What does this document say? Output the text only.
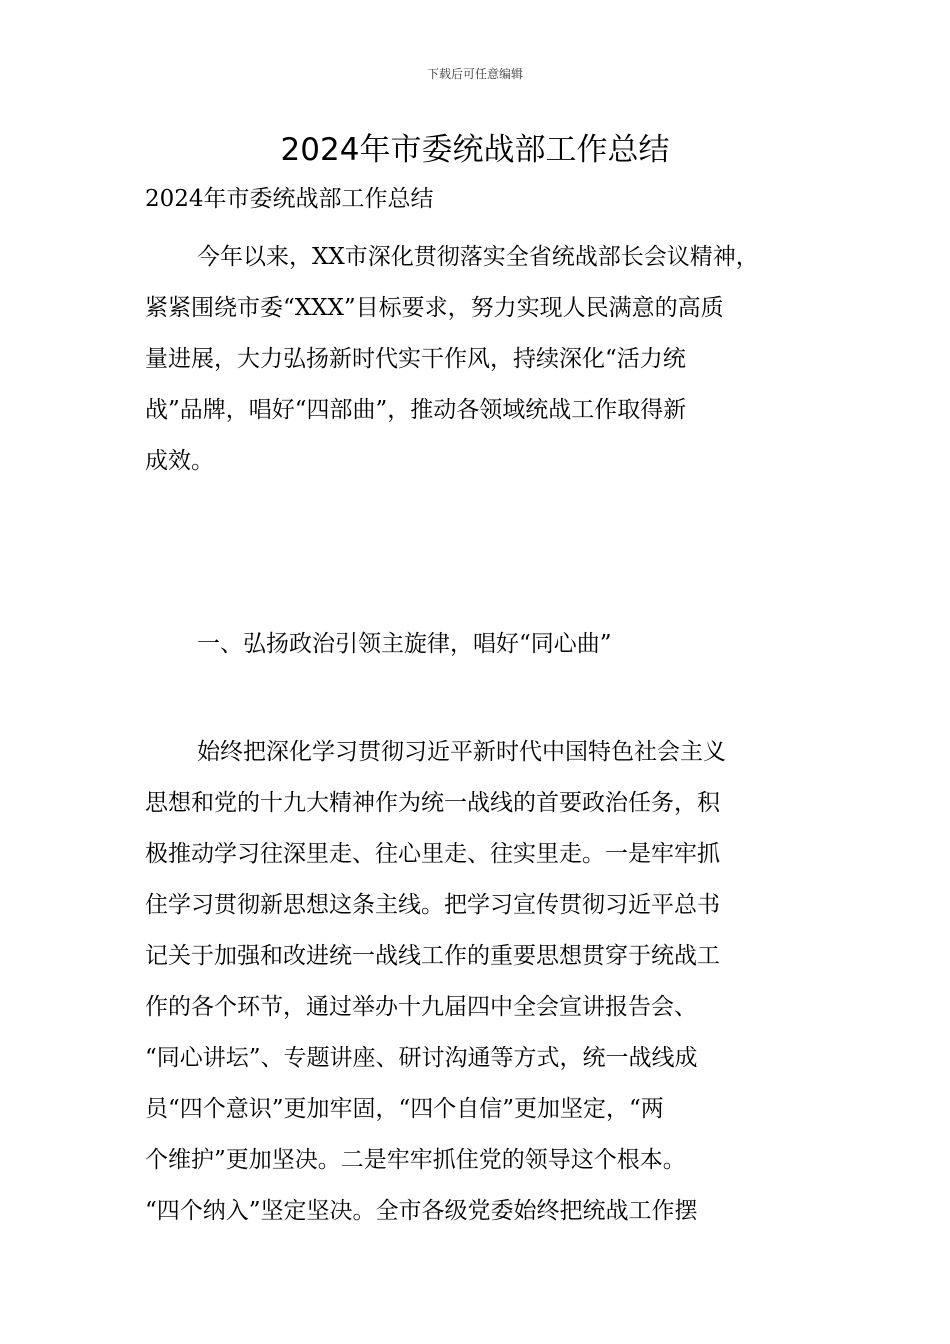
下载后可任意编辑
2024年市委统战部工作总结
2024年市委统战部工作总结
今年以来，XX市深化贯彻落实全省统战部长会议精神，
紧紧围绕市委“XXX”目标要求，努力实现人民满意的高质
量进展，大力弘扬新时代实干作风，持续深化“活力统
战”品牌，唱好“四部曲”，推动各领域统战工作取得新
成效。
一、弘扬政治引领主旋律，唱好“同心曲”
始终把深化学习贯彻习近平新时代中国特色社会主义
思想和党的十九大精神作为统一战线的首要政治任务，积
极推动学习往深里走、往心里走、往实里走。一是牢牢抓
住学习贯彻新思想这条主线。把学习宣传贯彻习近平总书
记关于加强和改进统一战线工作的重要思想贯穿于统战工
作的各个环节，通过举办十九届四中全会宣讲报告会、
“同心讲坛”、专题讲座、研讨沟通等方式，统一战线成
员“四个意识”更加牢固，“四个自信”更加坚定，“两
个维护”更加坚决。二是牢牢抓住党的领导这个根本。
“四个纳入”坚定坚决。全市各级党委始终把统战工作摆
